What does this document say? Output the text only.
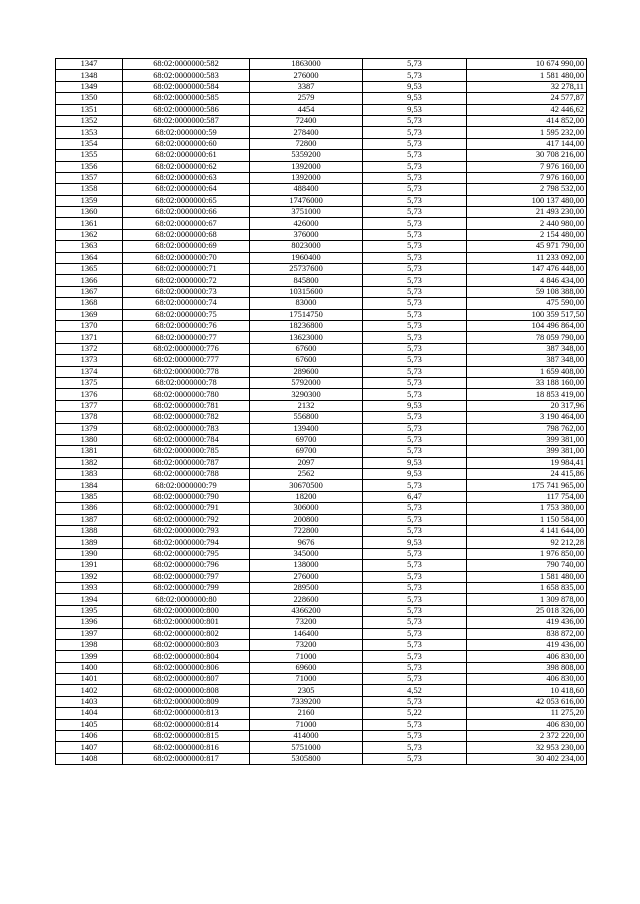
1347	68:02:0000000:582	1863000	5,73	10 674 990,00
1348	68:02:0000000:583	276000	5,73	1 581 480,00
1349	68:02:0000000:584	3387	9,53	32 278,11
1350	68:02:0000000:585	2579	9,53	24 577,87
1351	68:02:0000000:586	4454	9,53	42 446,62
1352	68:02:0000000:587	72400	5,73	414 852,00
1353	68:02:0000000:59	278400	5,73	1 595 232,00
1354	68:02:0000000:60	72800	5,73	417 144,00
1355	68:02:0000000:61	5359200	5,73	30 708 216,00
1356	68:02:0000000:62	1392000	5,73	7 976 160,00
1357	68:02:0000000:63	1392000	5,73	7 976 160,00
1358	68:02:0000000:64	488400	5,73	2 798 532,00
1359	68:02:0000000:65	17476000	5,73	100 137 480,00
1360	68:02:0000000:66	3751000	5,73	21 493 230,00
1361	68:02:0000000:67	426000	5,73	2 440 980,00
1362	68:02:0000000:68	376000	5,73	2 154 480,00
1363	68:02:0000000:69	8023000	5,73	45 971 790,00
1364	68:02:0000000:70	1960400	5,73	11 233 092,00
1365	68:02:0000000:71	25737600	5,73	147 476 448,00
1366	68:02:0000000:72	845800	5,73	4 846 434,00
1367	68:02:0000000:73	10315600	5,73	59 108 388,00
1368	68:02:0000000:74	83000	5,73	475 590,00
1369	68:02:0000000:75	17514750	5,73	100 359 517,50
1370	68:02:0000000:76	18236800	5,73	104 496 864,00
1371	68:02:0000000:77	13623000	5,73	78 059 790,00
1372	68:02:0000000:776	67600	5,73	387 348,00
1373	68:02:0000000:777	67600	5,73	387 348,00
1374	68:02:0000000:778	289600	5,73	1 659 408,00
1375	68:02:0000000:78	5792000	5,73	33 188 160,00
1376	68:02:0000000:780	3290300	5,73	18 853 419,00
1377	68:02:0000000:781	2132	9,53	20 317,96
1378	68:02:0000000:782	556800	5,73	3 190 464,00
1379	68:02:0000000:783	139400	5,73	798 762,00
1380	68:02:0000000:784	69700	5,73	399 381,00
1381	68:02:0000000:785	69700	5,73	399 381,00
1382	68:02:0000000:787	2097	9,53	19 984,41
1383	68:02:0000000:788	2562	9,53	24 415,86
1384	68:02:0000000:79	30670500	5,73	175 741 965,00
1385	68:02:0000000:790	18200	6,47	117 754,00
1386	68:02:0000000:791	306000	5,73	1 753 380,00
1387	68:02:0000000:792	200800	5,73	1 150 584,00
1388	68:02:0000000:793	722800	5,73	4 141 644,00
1389	68:02:0000000:794	9676	9,53	92 212,28
1390	68:02:0000000:795	345000	5,73	1 976 850,00
1391	68:02:0000000:796	138000	5,73	790 740,00
1392	68:02:0000000:797	276000	5,73	1 581 480,00
1393	68:02:0000000:799	289500	5,73	1 658 835,00
1394	68:02:0000000:80	228600	5,73	1 309 878,00
1395	68:02:0000000:800	4366200	5,73	25 018 326,00
1396	68:02:0000000:801	73200	5,73	419 436,00
1397	68:02:0000000:802	146400	5,73	838 872,00
1398	68:02:0000000:803	73200	5,73	419 436,00
1399	68:02:0000000:804	71000	5,73	406 830,00
1400	68:02:0000000:806	69600	5,73	398 808,00
1401	68:02:0000000:807	71000	5,73	406 830,00
1402	68:02:0000000:808	2305	4,52	10 418,60
1403	68:02:0000000:809	7339200	5,73	42 053 616,00
1404	68:02:0000000:813	2160	5,22	11 275,20
1405	68:02:0000000:814	71000	5,73	406 830,00
1406	68:02:0000000:815	414000	5,73	2 372 220,00
1407	68:02:0000000:816	5751000	5,73	32 953 230,00
1408	68:02:0000000:817	5305800	5,73	30 402 234,00
